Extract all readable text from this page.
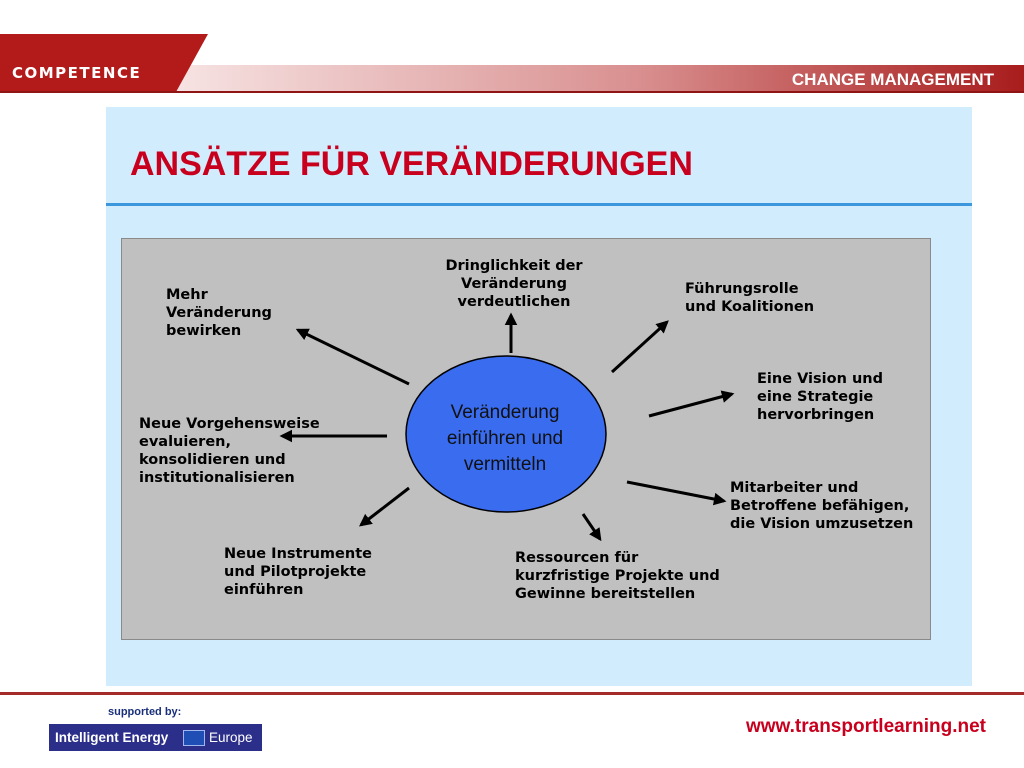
COMPETENCE	CHANGE MANAGEMENT
ANSÄTZE FÜR VERÄNDERUNGEN
Veränderung
einführen und
vermitteln
Dringlichkeit der
Veränderung
verdeutlichen
Führungsrolle
und Koalitionen
Eine Vision und
eine Strategie
hervorbringen
Mitarbeiter und
Betroffene befähigen,
die Vision umzusetzen
Ressourcen für
kurzfristige Projekte und
Gewinne bereitstellen
Neue Instrumente
und Pilotprojekte
einführen
Neue Vorgehensweise
evaluieren,
konsolidieren und
institutionalisieren
Mehr
Veränderung
bewirken
supported by:
Intelligent Energy	Europe
www.transportlearning.net
